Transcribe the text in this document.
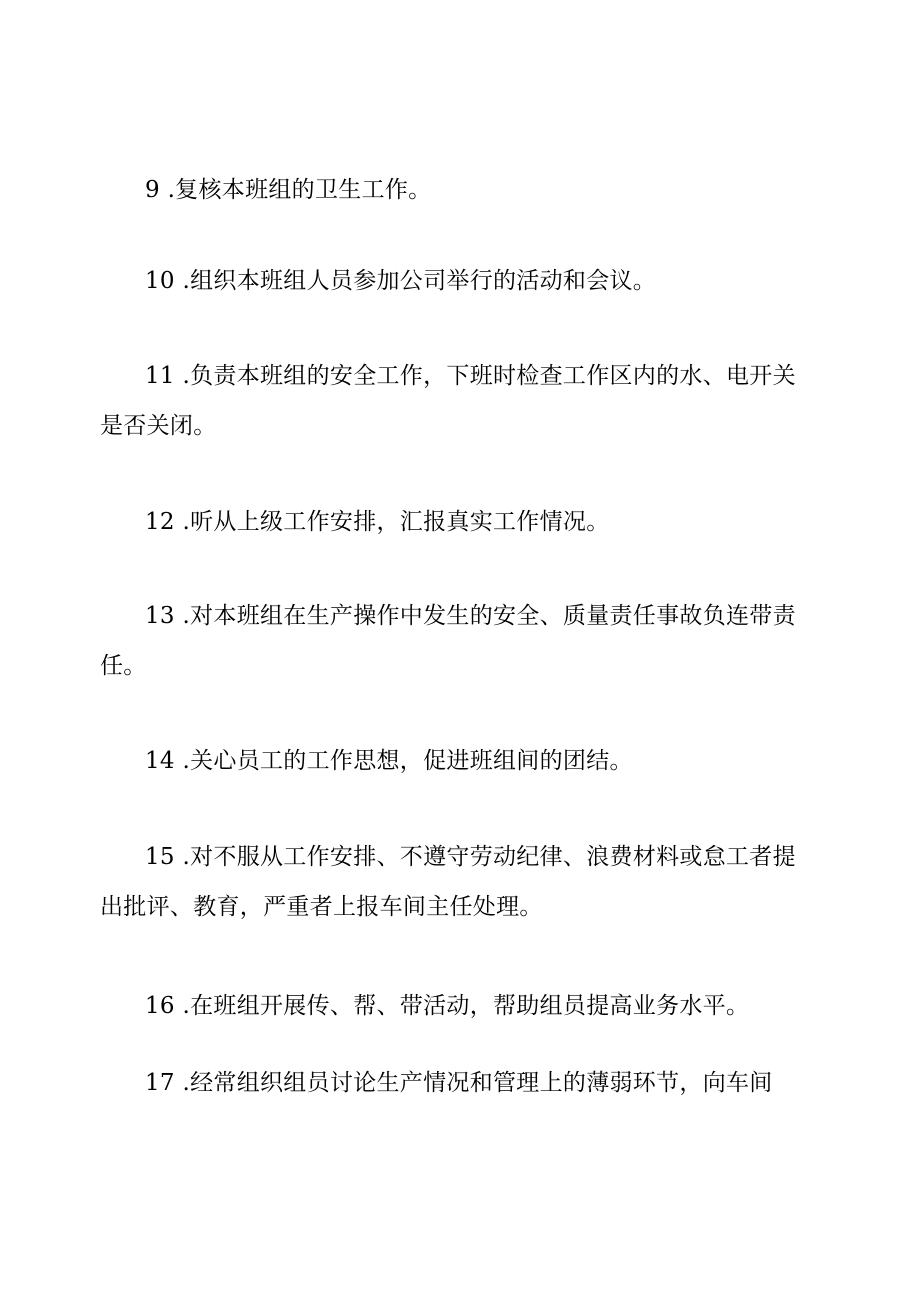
9 .复核本班组的卫生工作。
10 .组织本班组人员参加公司举行的活动和会议。
11 .负责本班组的安全工作，下班时检查工作区内的水、电开关
是否关闭。
12 .听从上级工作安排，汇报真实工作情况。
13 .对本班组在生产操作中发生的安全、质量责任事故负连带责
任。
14 .关心员工的工作思想，促进班组间的团结。
15 .对不服从工作安排、不遵守劳动纪律、浪费材料或怠工者提
出批评、教育，严重者上报车间主任处理。
16 .在班组开展传、帮、带活动，帮助组员提高业务水平。
17 .经常组织组员讨论生产情况和管理上的薄弱环节，向车间
